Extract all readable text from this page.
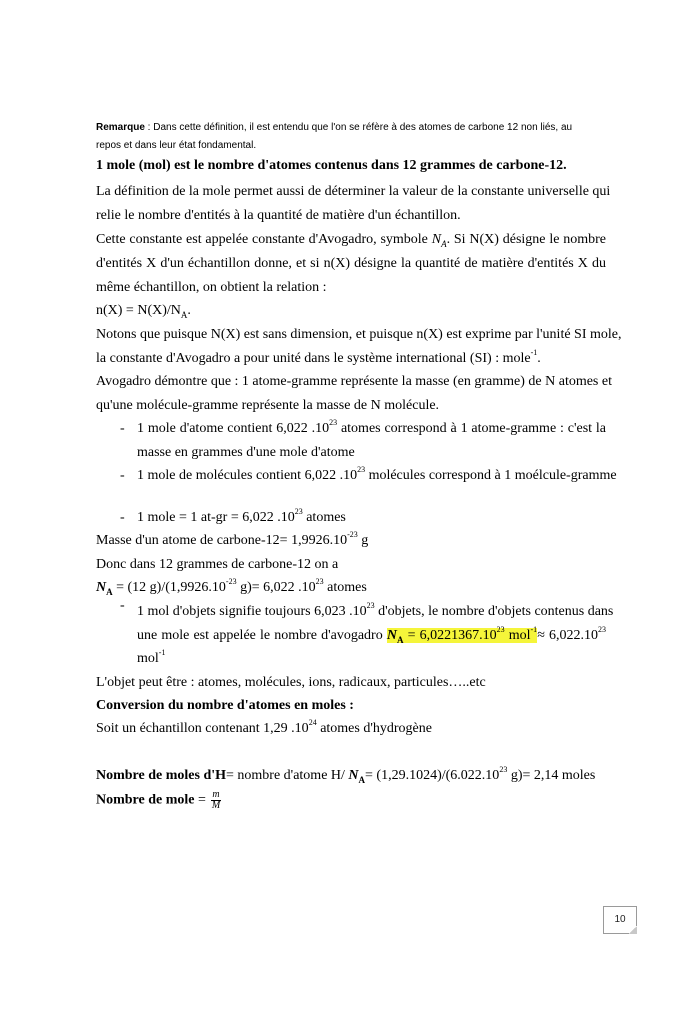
Remarque : Dans cette définition, il est entendu que l'on se réfère à des atomes de carbone 12 non liés, au
repos et dans leur état fondamental.
1 mole (mol) est le nombre d'atomes contenus dans 12 grammes de carbone-12.
La définition de la mole permet aussi de déterminer la valeur de la constante universelle qui
relie le nombre d'entités à la quantité de matière d'un échantillon.
Cette constante est appelée constante d'Avogadro, symbole $N_A$. Si N(X) désigne le nombre
d'entités X d'un échantillon donne, et si n(X) désigne la quantité de matière d'entités X du
même échantillon, on obtient la relation :
$n(X) = N(X)/N_A$.
Notons que puisque N(X) est sans dimension, et puisque n(X) est exprime par l'unité SI mole,
la constante d'Avogadro a pour unité dans le système international (SI) : mole$^{-1}$.
Avogadro démontre que : 1 atome-gramme représente la masse (en gramme) de N atomes et
qu'une molécule-gramme représente la masse de N molécule.
- 1 mole d'atome contient 6,022 $.10^{23}$ atomes correspond à 1 atome-gramme : c'est la
masse en grammes d'une mole d'atome
- 1 mole de molécules contient 6,022 $.10^{23}$ molécules correspond à 1 moélcule-gramme
- 1 mole = 1 at-gr = 6,022 $.10^{23}$ atomes
Masse d'un atome de carbone-12= $1,9926.10^{-23}$ g
Donc dans 12 grammes de carbone-12 on a
$N_A = (12$ $g)/(1,9926.10^{-23}$ g)= 6,022 $.10^{23}$ atomes
- 1 mol d'objets signifie toujours 6,023 $.10^{23}$ d'objets, le nombre d'objets contenus dans
une mole est appelée le nombre d'avogadro $N_A = 6,0221367.10^{23}$ $mol^{-1}\approx 6,022.10^{23}$
mol$^{-1}$
L'objet peut être : atomes, molécules, ions, radicaux, particules…..etc
Conversion du nombre d'atomes en moles :
Soit un échantillon contenant 1,29 $.10^{24}$ atomes d'hydrogène
Nombre de moles d'H= nombre d'atome H/ $N_A= (1,29.1024)/(6.022.10^{23}$ g)= 2,14 moles
Nombre de mole = $\frac{m}{M}$
10
